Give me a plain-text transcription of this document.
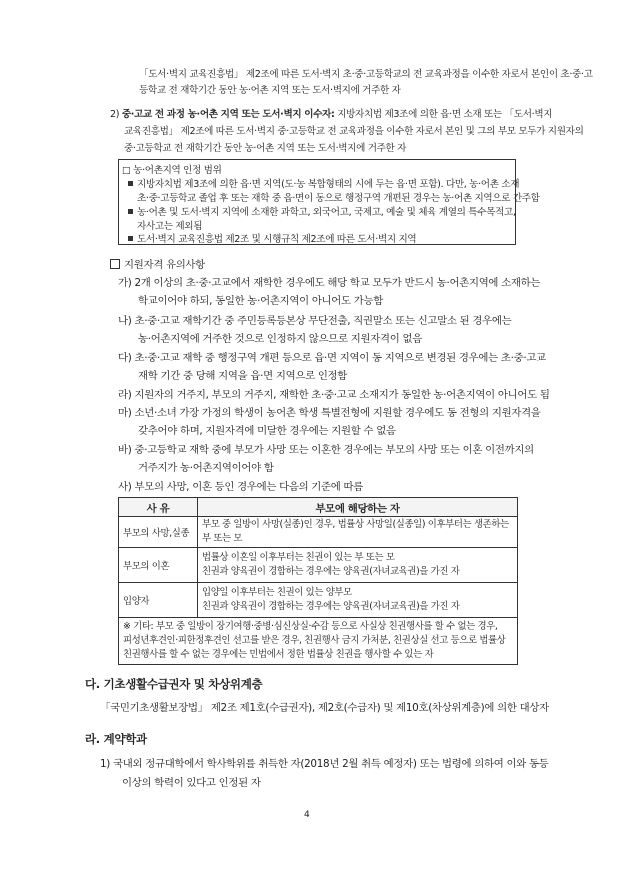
「도서·벽지 교육진흥법」 제2조에 따른 도서·벽지 초·중·고등학교의 전 교육과정을 이수한 자로서 본인이 초·중·고
등학교 전 재학기간 동안 농·어촌 지역 또는 도서·벽지에 거주한 자
2) 중·고교 전 과정 농·어촌 지역 또는 도서·벽지 이수자: 지방자치법 제3조에 의한 읍·면 소재 또는 「도서·벽지
교육진흥법」 제2조에 따른 도서·벽지 중·고등학교 전 교육과정을 이수한 자로서 본인 및 그의 부모 모두가 지원자의
중·고등학교 전 재학기간 동안 농·어촌 지역 또는 도서·벽지에 거주한 자
□ 농·어촌지역 인정 범위
지방자치법 제3조에 의한 읍·면 지역(도·농 복합형태의 시에 두는 읍·면 포함). 다만, 농·어촌 소재
초·중·고등학교 졸업 후 또는 재학 중 읍·면이 동으로 행정구역 개편된 경우는 농·어촌 지역으로 간주함
농·어촌 및 도서·벽지 지역에 소재한 과학고, 외국어고, 국제고, 예술 및 체육 계열의 특수목적고,
자사고는 제외됨
도서·벽지 교육진흥법 제2조 및 시행규칙 제2조에 따른 도서·벽지 지역
지원자격 유의사항
가) 2개 이상의 초·중·고교에서 재학한 경우에도 해당 학교 모두가 반드시 농·어촌지역에 소재하는
학교이어야 하되, 동일한 농·어촌지역이 아니어도 가능함
나) 초·중·고교 재학기간 중 주민등록등본상 무단전출, 직권말소 또는 신고말소 된 경우에는
농·어촌지역에 거주한 것으로 인정하지 않으므로 지원자격이 없음
다) 초·중·고교 재학 중 행정구역 개편 등으로 읍·면 지역이 동 지역으로 변경된 경우에는 초·중·고교
재학 기간 중 당해 지역을 읍·면 지역으로 인정함
라) 지원자의 거주지, 부모의 거주지, 재학한 초·중·고교 소재지가 동일한 농·어촌지역이 아니어도 됨
마) 소년·소녀 가장 가정의 학생이 농어촌 학생 특별전형에 지원할 경우에도 동 전형의 지원자격을
갖추어야 하며, 지원자격에 미달한 경우에는 지원할 수 없음
바) 중·고등학교 재학 중에 부모가 사망 또는 이혼한 경우에는 부모의 사망 또는 이혼 이전까지의
거주지가 농·어촌지역이어야 함
사) 부모의 사망, 이혼 등인 경우에는 다음의 기준에 따름
사 유	부모에 해당하는 자
부모의 사망,실종	부모 중 일방이 사망(실종)인 경우, 법률상 사망일(실종일) 이후부터는 생존하는
부 또는 모

부모의 이혼	법률상 이혼일 이후부터는 친권이 있는 부 또는 모
친권과 양육권이 경합하는 경우에는 양육권(자녀교육권)을 가진 자

입양자	입양일 이후부터는 친권이 있는 양부모
친권과 양육권이 경합하는 경우에는 양육권(자녀교육권)을 가진 자

※ 기타: 부모 중 일방이 장기여행·중병·심신상실·수감 등으로 사실상 친권행사를 할 수 없는 경우,
피성년후견인·피한정후견인 선고를 받은 경우, 친권행사 금지 가처분, 친권상실 선고 등으로 법률상
친권행사를 할 수 없는 경우에는 민법에서 정한 법률상 친권을 행사할 수 있는 자	
다. 기초생활수급권자 및 차상위계층
「국민기초생활보장법」 제2조 제1호(수급권자), 제2호(수급자) 및 제10호(차상위계층)에 의한 대상자
라. 계약학과
1) 국내외 정규대학에서 학사학위를 취득한 자(2018년 2월 취득 예정자) 또는 법령에 의하여 이와 동등
이상의 학력이 있다고 인정된 자
4
